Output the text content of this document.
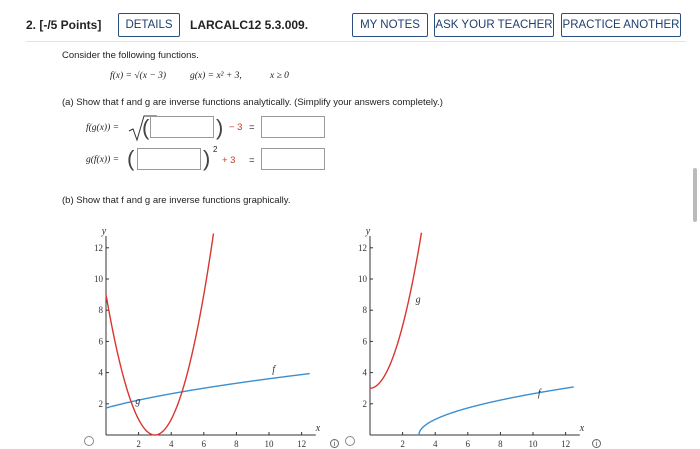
2. [-/5 Points]	DETAILS	LARCALC12 5.3.009.	MY NOTES	ASK YOUR TEACHER PRACTICE ANOTHER
Consider the following functions.
f(x) = √(x − 3)	g(x) = x² + 3,	x ≥ 0
(a) Show that f and g are inverse functions analytically. (Simplify your answers completely.)
f(g(x)) = (	) − 3 =
g(f(x)) = (	) 2
+ 3 =
(b) Show that f and g are inverse functions graphically.
2	4	6	8	10	12
2
4
6
8
10
12
x
y
f
g
2	4	6	8	10	12
2
4
6
8
10
12
x
y
f
g
i	i
